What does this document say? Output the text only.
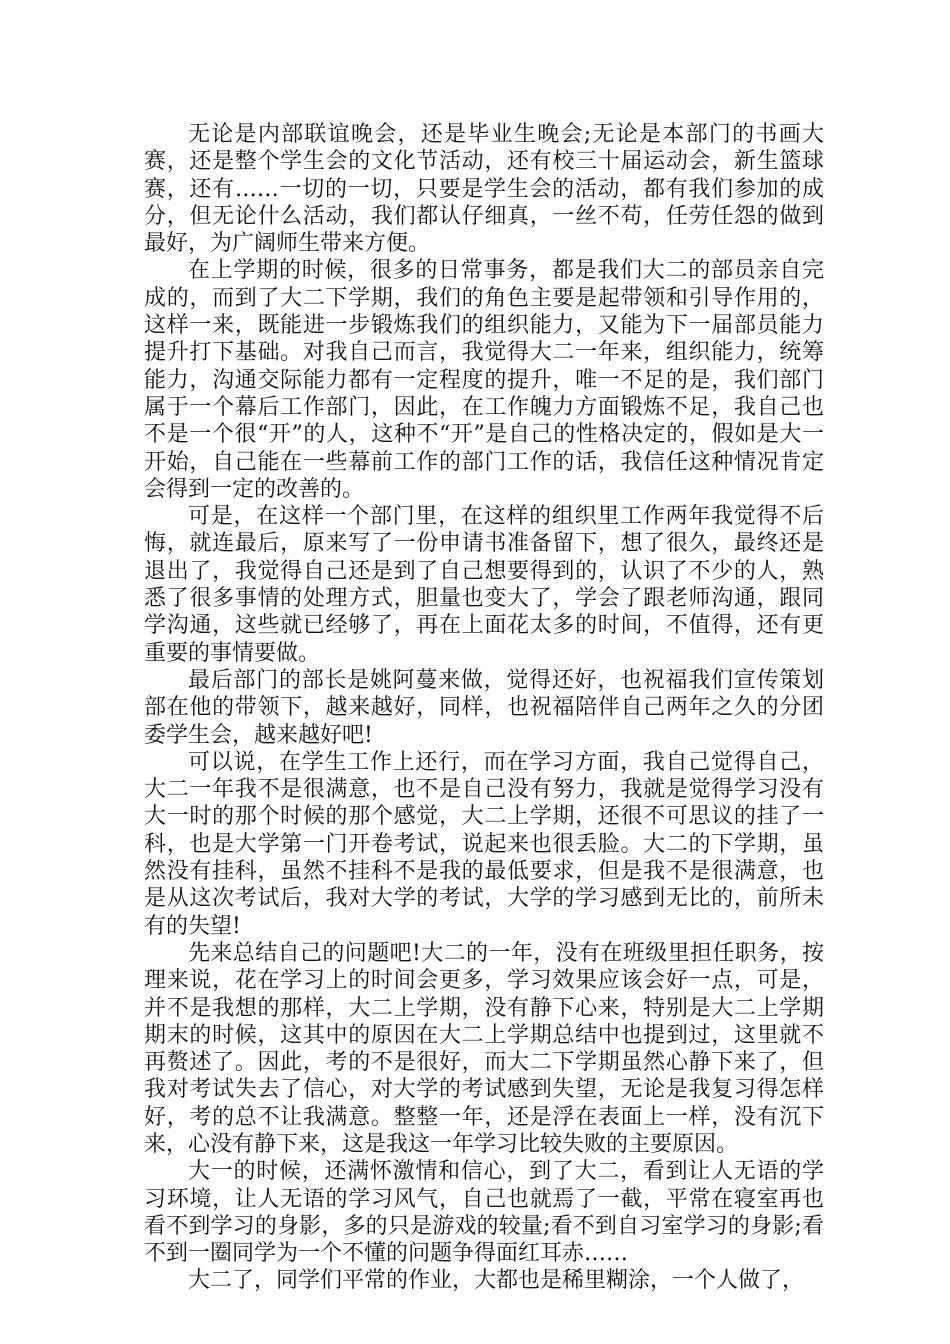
无论是内部联谊晚会，还是毕业生晚会;无论是本部门的书画大赛，还是整个学生会的文化节活动，还有校三十届运动会，新生篮球赛，还有……一切的一切，只要是学生会的活动，都有我们参加的成分，但无论什么活动，我们都认仔细真，一丝不苟，任劳任怨的做到最好，为广阔师生带来方便。

在上学期的时候，很多的日常事务，都是我们大二的部员亲自完成的，而到了大二下学期，我们的角色主要是起带领和引导作用的，这样一来，既能进一步锻炼我们的组织能力，又能为下一届部员能力提升打下基础。对我自己而言，我觉得大二一年来，组织能力，统筹能力，沟通交际能力都有一定程度的提升，唯一不足的是，我们部门属于一个幕后工作部门，因此，在工作魄力方面锻炼不足，我自己也不是一个很“开”的人，这种不“开”是自己的性格决定的，假如是大一开始，自己能在一些幕前工作的部门工作的话，我信任这种情况肯定会得到一定的改善的。

可是，在这样一个部门里，在这样的组织里工作两年我觉得不后悔，就连最后，原来写了一份申请书准备留下，想了很久，最终还是退出了，我觉得自己还是到了自己想要得到的，认识了不少的人，熟悉了很多事情的处理方式，胆量也变大了，学会了跟老师沟通，跟同学沟通，这些就已经够了，再在上面花太多的时间，不值得，还有更重要的事情要做。

最后部门的部长是姚阿蔓来做，觉得还好，也祝福我们宣传策划部在他的带领下，越来越好，同样，也祝福陪伴自己两年之久的分团委学生会，越来越好吧!

可以说，在学生工作上还行，而在学习方面，我自己觉得自己，大二一年我不是很满意，也不是自己没有努力，我就是觉得学习没有大一时的那个时候的那个感觉，大二上学期，还很不可思议的挂了一科，也是大学第一门开卷考试，说起来也很丢脸。大二的下学期，虽然没有挂科，虽然不挂科不是我的最低要求，但是我不是很满意，也是从这次考试后，我对大学的考试，大学的学习感到无比的，前所未有的失望!

先来总结自己的问题吧!大二的一年，没有在班级里担任职务，按理来说，花在学习上的时间会更多，学习效果应该会好一点，可是，并不是我想的那样，大二上学期，没有静下心来，特别是大二上学期期末的时候，这其中的原因在大二上学期总结中也提到过，这里就不再赘述了。因此，考的不是很好，而大二下学期虽然心静下来了，但我对考试失去了信心，对大学的考试感到失望，无论是我复习得怎样好，考的总不让我满意。整整一年，还是浮在表面上一样，没有沉下来，心没有静下来，这是我这一年学习比较失败的主要原因。

大一的时候，还满怀激情和信心，到了大二，看到让人无语的学习环境，让人无语的学习风气，自己也就焉了一截，平常在寝室再也看不到学习的身影，多的只是游戏的较量;看不到自习室学习的身影;看不到一圈同学为一个不懂的问题争得面红耳赤……

大二了，同学们平常的作业，大都也是稀里糊涂，一个人做了，
